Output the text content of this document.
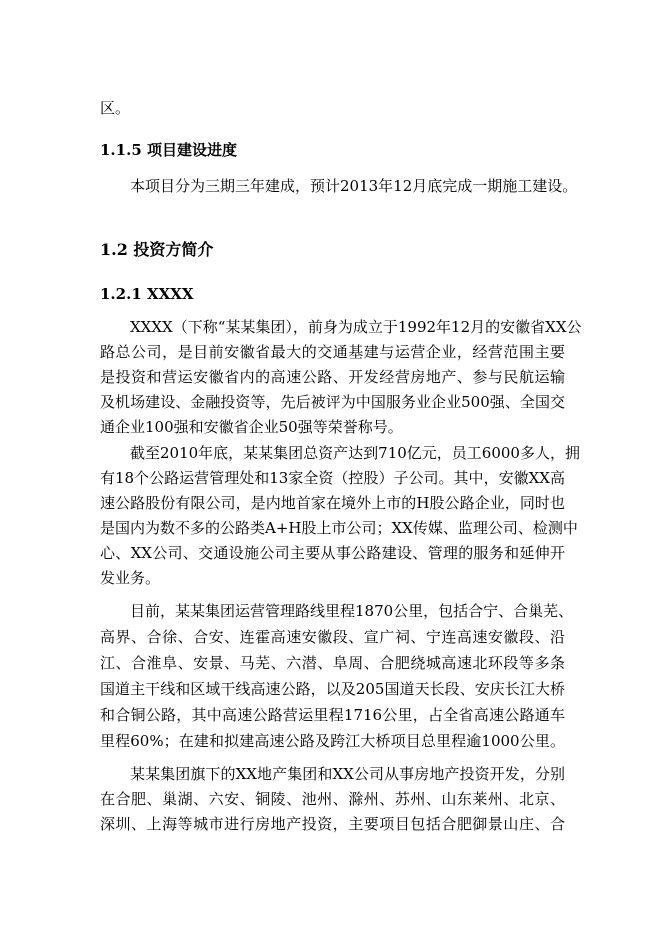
区。
1.1.5 项目建设进度
本项目分为三期三年建成，预计2013年12月底完成一期施工建设。
1.2 投资方简介
1.2.1 XXXX
XXXX（下称“某某集团），前身为成立于1992年12月的安徽省XX公
路总公司，是目前安徽省最大的交通基建与运营企业，经营范围主要
是投资和营运安徽省内的高速公路、开发经营房地产、参与民航运输
及机场建设、金融投资等，先后被评为中国服务业企业500强、全国交
通企业100强和安徽省企业50强等荣誉称号。
截至2010年底，某某集团总资产达到710亿元，员工6000多人，拥
有18个公路运营管理处和13家全资（控股）子公司。其中，安徽XX高
速公路股份有限公司，是内地首家在境外上市的H股公路企业，同时也
是国内为数不多的公路类A+H股上市公司；XX传媒、监理公司、检测中
心、XX公司、交通设施公司主要从事公路建设、管理的服务和延伸开
发业务。
目前，某某集团运营管理路线里程1870公里，包括合宁、合巢芜、
高界、合徐、合安、连霍高速安徽段、宣广祠、宁连高速安徽段、沿
江、合淮阜、安景、马芜、六潜、阜周、合肥绕城高速北环段等多条
国道主干线和区域干线高速公路，以及205国道天长段、安庆长江大桥
和合铜公路，其中高速公路营运里程1716公里，占全省高速公路通车
里程60%；在建和拟建高速公路及跨江大桥项目总里程逾1000公里。
某某集团旗下的XX地产集团和XX公司从事房地产投资开发，分别
在合肥、巢湖、六安、铜陵、池州、滁州、苏州、山东莱州、北京、
深圳、上海等城市进行房地产投资，主要项目包括合肥御景山庄、合
